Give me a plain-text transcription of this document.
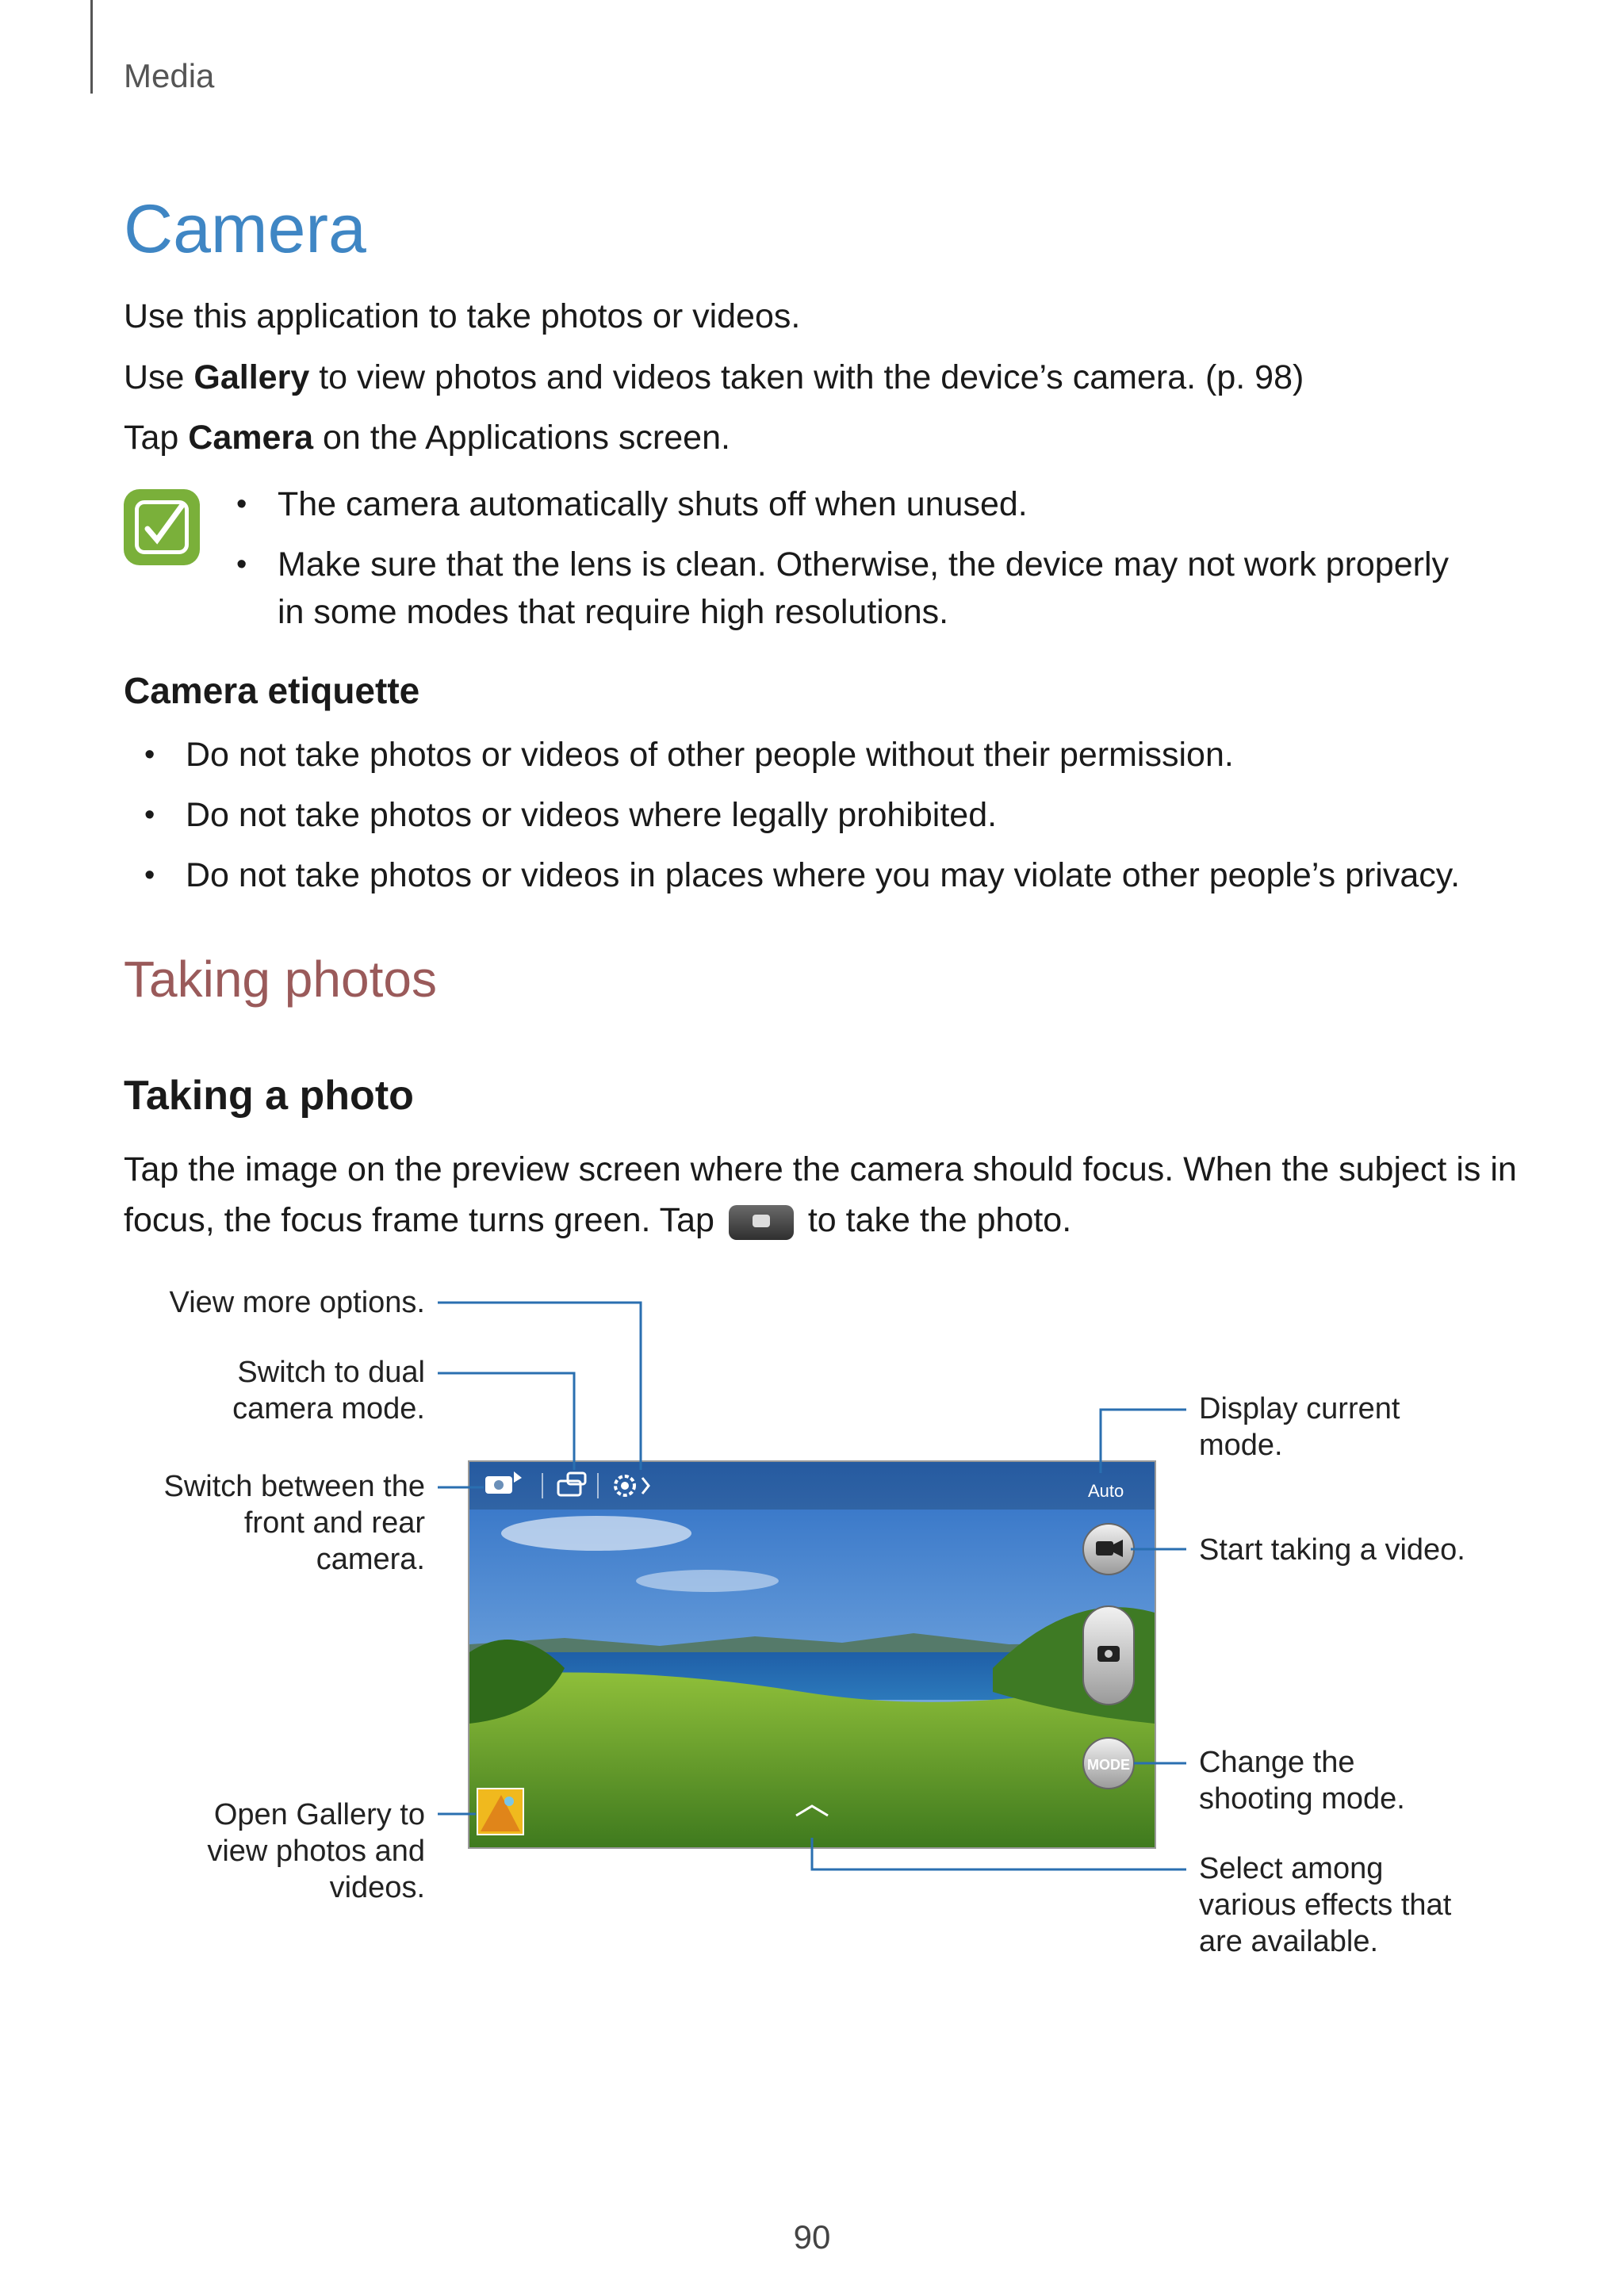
Media
Camera
Use this application to take photos or videos.
Use Gallery to view photos and videos taken with the device’s camera. (p. 98)
Tap Camera on the Applications screen.
• The camera automatically shuts off when unused.
• Make sure that the lens is clean. Otherwise, the device may not work properly in some modes that require high resolutions.
Camera etiquette
• Do not take photos or videos of other people without their permission.
• Do not take photos or videos where legally prohibited.
• Do not take photos or videos in places where you may violate other people’s privacy.
Taking photos
Taking a photo
Tap the image on the preview screen where the camera should focus. When the subject is in
focus, the focus frame turns green. Tap	to take the photo.
Auto
MODE
View more options.
Switch to dual
camera mode.
Switch between the
front and rear
camera.
Open Gallery to
view photos and
videos.
Display current
mode.
Start taking a video.
Change the
shooting mode.
Select among
various effects that
are available.
90
